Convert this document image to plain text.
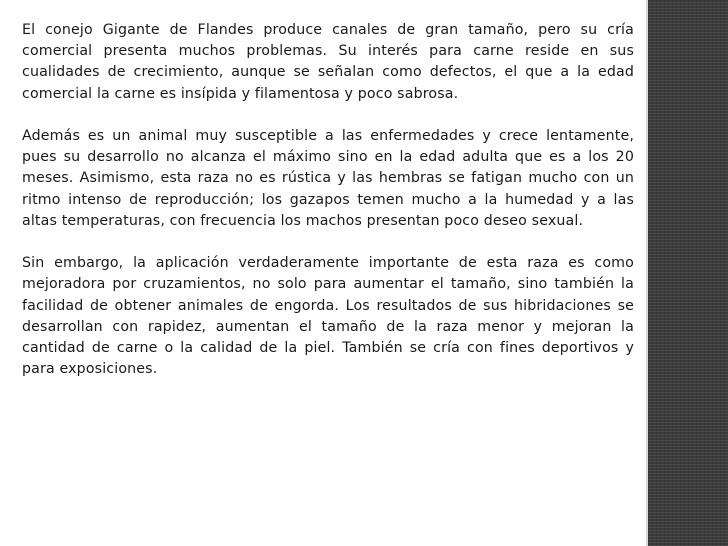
El conejo Gigante de Flandes produce canales de gran tamaño, pero su cría comercial presenta muchos problemas. Su interés para carne reside en sus cualidades de crecimiento, aunque se señalan como defectos, el que a la edad comercial la carne es insípida y filamentosa y poco sabrosa.

Además es un animal muy susceptible a las enfermedades y crece lentamente, pues su desarrollo no alcanza el máximo sino en la edad adulta que es a los 20 meses. Asimismo, esta raza no es rústica y las hembras se fatigan mucho con un ritmo intenso de reproducción; los gazapos temen mucho a la humedad y a las altas temperaturas, con frecuencia los machos presentan poco deseo sexual.

Sin embargo, la aplicación verdaderamente importante de esta raza es como mejoradora por cruzamientos, no solo para aumentar el tamaño, sino también la facilidad de obtener animales de engorda. Los resultados de sus hibridaciones se desarrollan con rapidez, aumentan el tamaño de la raza menor y mejoran la cantidad de carne o la calidad de la piel. También se cría con fines deportivos y para exposiciones.
